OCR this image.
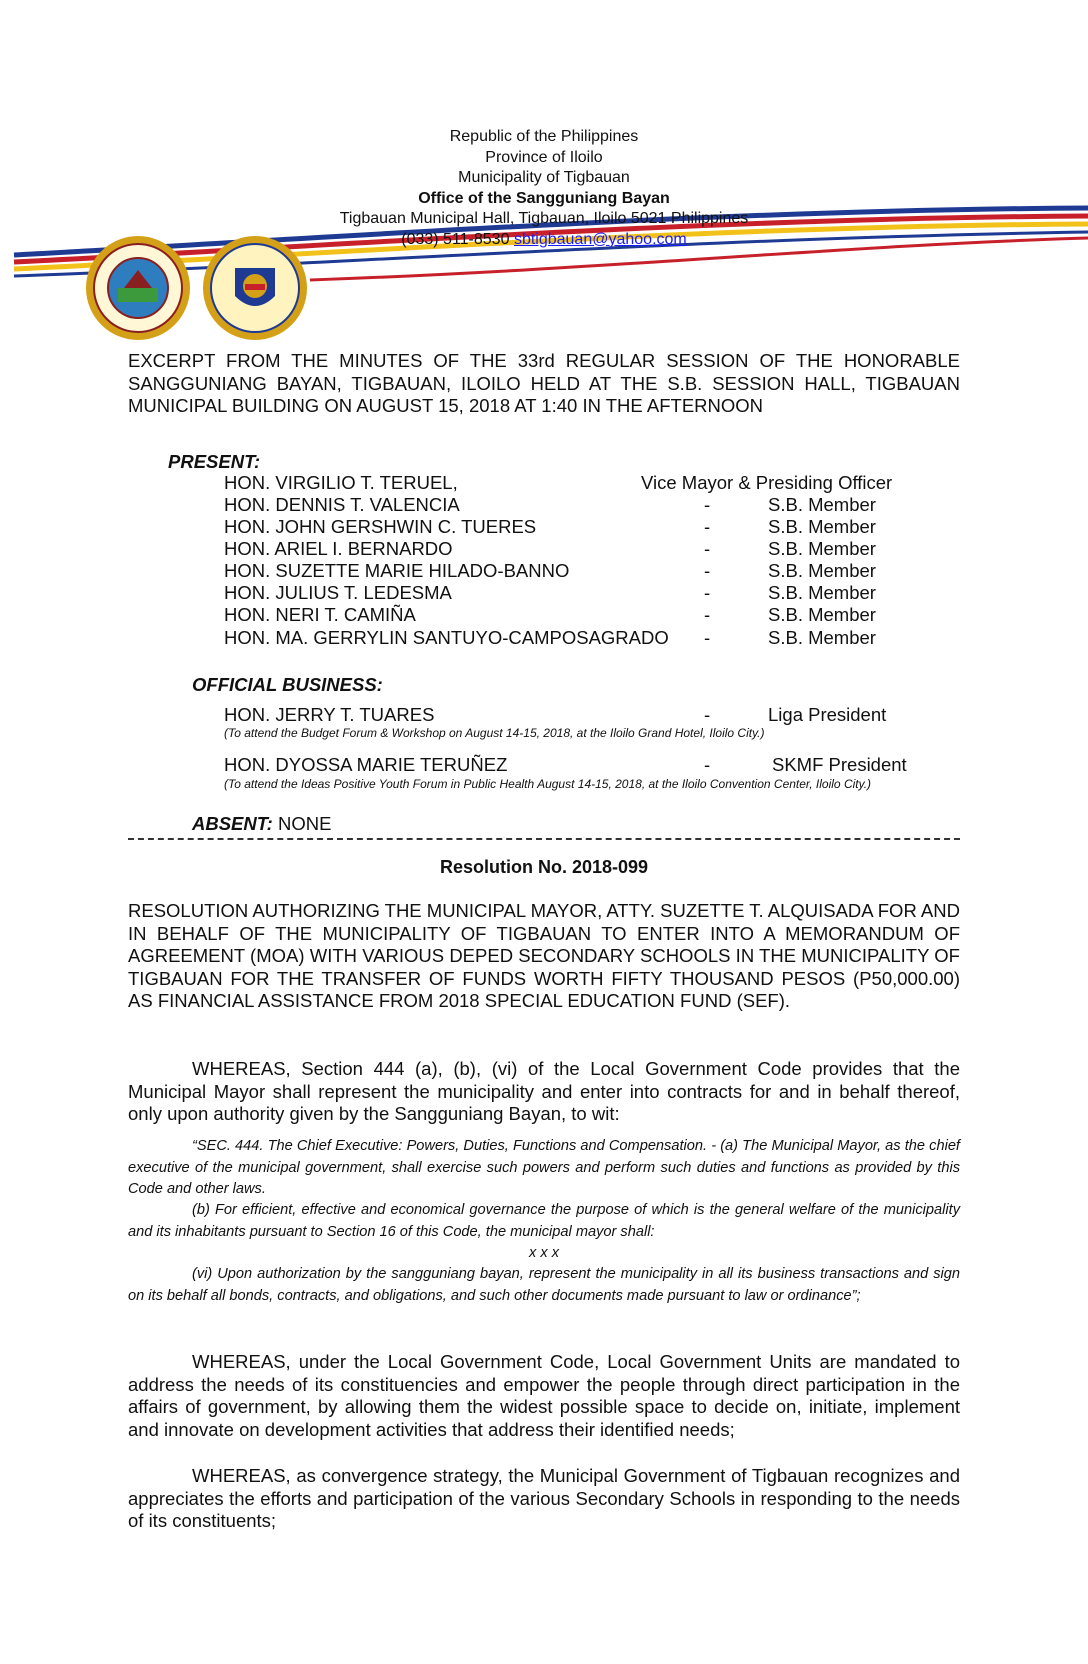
Republic of the Philippines
Province of Iloilo
Municipality of Tigbauan
Office of the Sangguniang Bayan
Tigbauan Municipal Hall, Tigbauan, Iloilo 5021 Philippines
(033) 511-8530 sbtigbauan@yahoo.com
EXCERPT FROM THE MINUTES OF THE 33rd REGULAR SESSION OF THE HONORABLE SANGGUNIANG BAYAN, TIGBAUAN, ILOILO HELD AT THE S.B. SESSION HALL, TIGBAUAN MUNICIPAL BUILDING ON AUGUST 15, 2018 AT 1:40 IN THE AFTERNOON
PRESENT:
HON. VIRGILIO T. TERUEL,	Vice Mayor & Presiding Officer
HON. DENNIS T. VALENCIA	-	S.B. Member
HON. JOHN GERSHWIN C. TUERES	-	S.B. Member
HON. ARIEL I. BERNARDO	-	S.B. Member
HON. SUZETTE MARIE HILADO-BANNO	-	S.B. Member
HON. JULIUS T. LEDESMA	-	S.B. Member
HON. NERI T. CAMIÑA	-	S.B. Member
HON. MA. GERRYLIN SANTUYO-CAMPOSAGRADO -	S.B. Member
OFFICIAL BUSINESS:
HON. JERRY T. TUARES	-	Liga President
(To attend the Budget Forum & Workshop on August 14-15, 2018, at the Iloilo Grand Hotel, Iloilo City.)
HON. DYOSSA MARIE TERUÑEZ	-	SKMF President
(To attend the Ideas Positive Youth Forum in Public Health August 14-15, 2018, at the Iloilo Convention Center, Iloilo City.)
ABSENT: NONE
Resolution No. 2018-099
RESOLUTION AUTHORIZING THE MUNICIPAL MAYOR, ATTY. SUZETTE T. ALQUISADA FOR AND IN BEHALF OF THE MUNICIPALITY OF TIGBAUAN TO ENTER INTO A MEMORANDUM OF AGREEMENT (MOA) WITH VARIOUS DEPED SECONDARY SCHOOLS IN THE MUNICIPALITY OF TIGBAUAN FOR THE TRANSFER OF FUNDS WORTH FIFTY THOUSAND PESOS (P50,000.00) AS FINANCIAL ASSISTANCE FROM 2018 SPECIAL EDUCATION FUND (SEF).
WHEREAS, Section 444 (a), (b), (vi) of the Local Government Code provides that the Municipal Mayor shall represent the municipality and enter into contracts for and in behalf thereof, only upon authority given by the Sangguniang Bayan, to wit:
“SEC. 444. The Chief Executive: Powers, Duties, Functions and Compensation. - (a) The Municipal Mayor, as the chief executive of the municipal government, shall exercise such powers and perform such duties and functions as provided by this Code and other laws.
(b) For efficient, effective and economical governance the purpose of which is the general welfare of the municipality and its inhabitants pursuant to Section 16 of this Code, the municipal mayor shall:
x x x
(vi) Upon authorization by the sangguniang bayan, represent the municipality in all its business transactions and sign on its behalf all bonds, contracts, and obligations, and such other documents made pursuant to law or ordinance”;
WHEREAS, under the Local Government Code, Local Government Units are mandated to address the needs of its constituencies and empower the people through direct participation in the affairs of government, by allowing them the widest possible space to decide on, initiate, implement and innovate on development activities that address their identified needs;
WHEREAS, as convergence strategy, the Municipal Government of Tigbauan recognizes and appreciates the efforts and participation of the various Secondary Schools in responding to the needs of its constituents;
